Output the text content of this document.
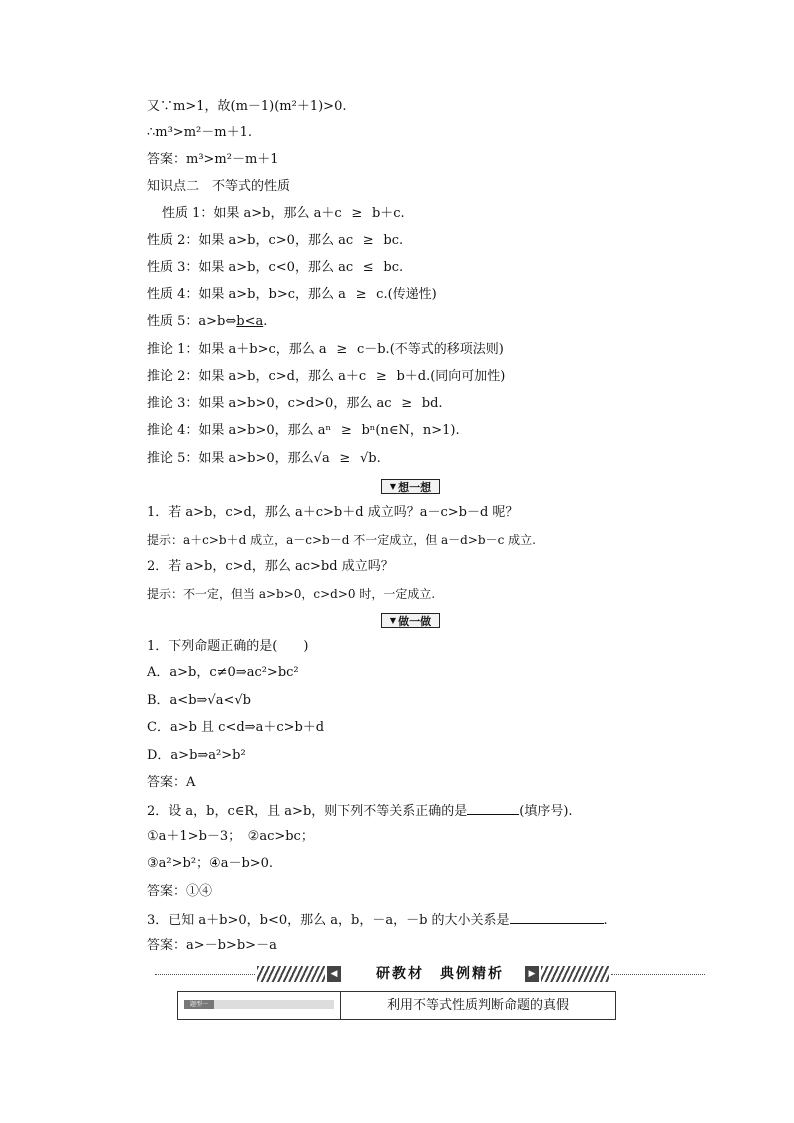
又∵m>1，故(m－1)(m²＋1)>0.
∴m³>m²－m＋1.
答案：m³>m²－m＋1
知识点二　不等式的性质
性质 1：如果 a>b，那么 a＋c ≥ b＋c.
性质 2：如果 a>b，c>0，那么 ac ≥ bc.
性质 3：如果 a>b，c<0，那么 ac ≤ bc.
性质 4：如果 a>b，b>c，那么 a ≥ c.(传递性)
性质 5：a>b⇔b<a.
推论 1：如果 a＋b>c，那么 a ≥ c－b.(不等式的移项法则)
推论 2：如果 a>b，c>d，那么 a＋c ≥ b＋d.(同向可加性)
推论 3：如果 a>b>0，c>d>0，那么 ac ≥ bd.
推论 4：如果 a>b>0，那么 aⁿ ≥ bⁿ(n∈N，n>1).
推论 5：如果 a>b>0，那么√a ≥ √b.
▼ 想一想
1．若 a>b，c>d，那么 a＋c>b＋d 成立吗？a－c>b－d 呢？
提示：a＋c>b＋d 成立，a－c>b－d 不一定成立，但 a－d>b－c 成立.
2．若 a>b，c>d，那么 ac>bd 成立吗？
提示：不一定，但当 a>b>0，c>d>0 时，一定成立.
▼ 做一做
1．下列命题正确的是(　　)
A．a>b，c≠0⇒ac²>bc²
B．a<b⇒√a<√b
C．a>b 且 c<d⇒a＋c>b＋d
D．a>b⇒a²>b²
答案：A
2．设 a，b，c∈R，且 a>b，则下列不等关系正确的是	(填序号).
①a＋1>b－3；　②ac>bc；
③a²>b²；④a－b>0.
答案：①④
3．已知 a＋b>0，b<0，那么 a，b，－a，－b 的大小关系是	.
答案：a>－b>b>－a
◀	研教材　典例精析	▶
题型一	利用不等式性质判断命题的真假
